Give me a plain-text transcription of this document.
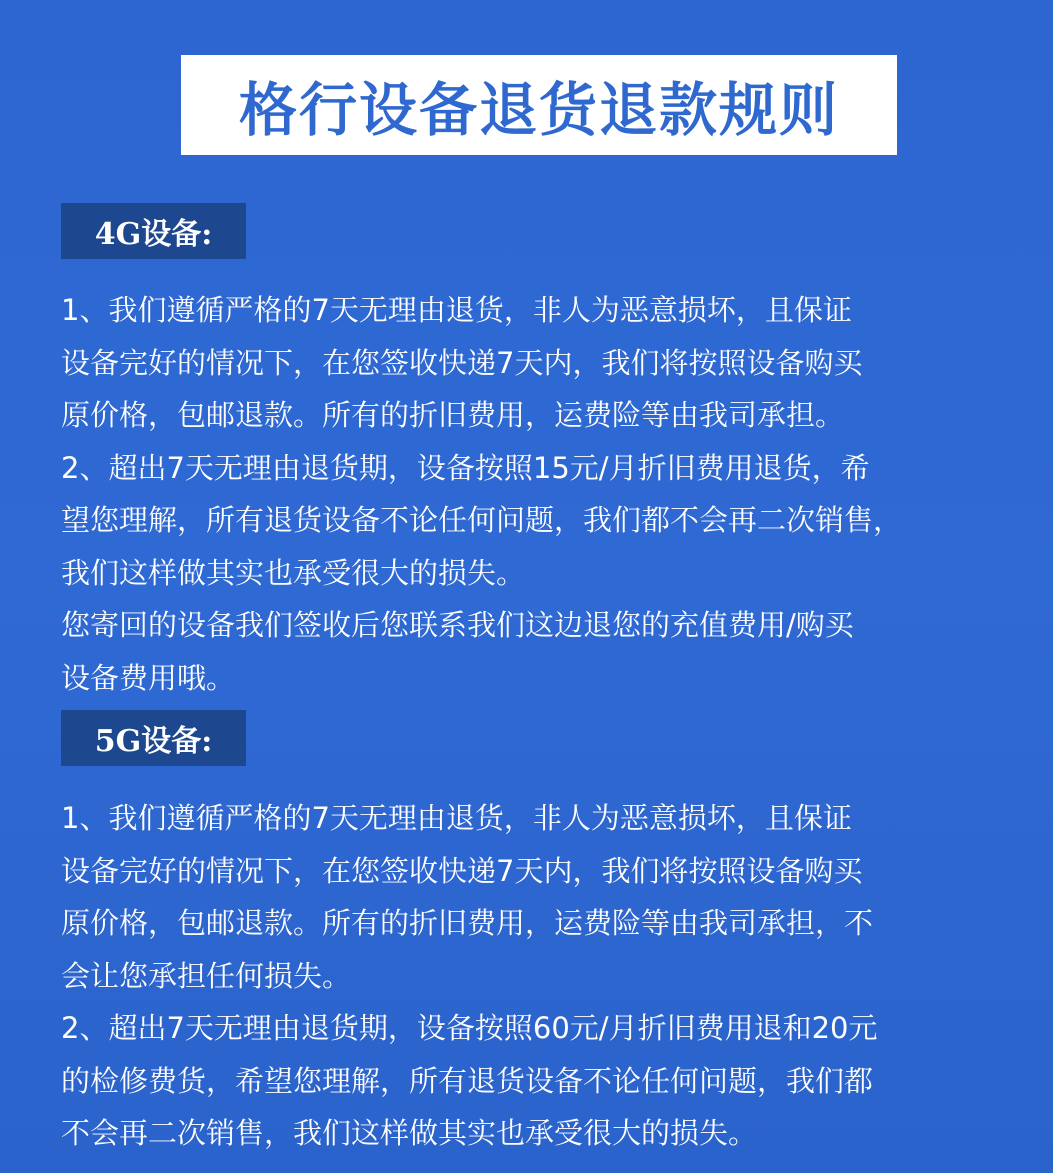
格行设备退货退款规则
4G设备:
1、我们遵循严格的7天无理由退货，非人为恶意损坏，且保证
设备完好的情况下，在您签收快递7天内，我们将按照设备购买
原价格，包邮退款。所有的折旧费用，运费险等由我司承担。
2、超出7天无理由退货期，设备按照15元/月折旧费用退货，希
望您理解，所有退货设备不论任何问题，我们都不会再二次销售，
我们这样做其实也承受很大的损失。
您寄回的设备我们签收后您联系我们这边退您的充值费用/购买
设备费用哦。
5G设备:
1、我们遵循严格的7天无理由退货，非人为恶意损坏，且保证
设备完好的情况下，在您签收快递7天内，我们将按照设备购买
原价格，包邮退款。所有的折旧费用，运费险等由我司承担，不
会让您承担任何损失。
2、超出7天无理由退货期，设备按照60元/月折旧费用退和20元
的检修费货，希望您理解，所有退货设备不论任何问题，我们都
不会再二次销售，我们这样做其实也承受很大的损失。
